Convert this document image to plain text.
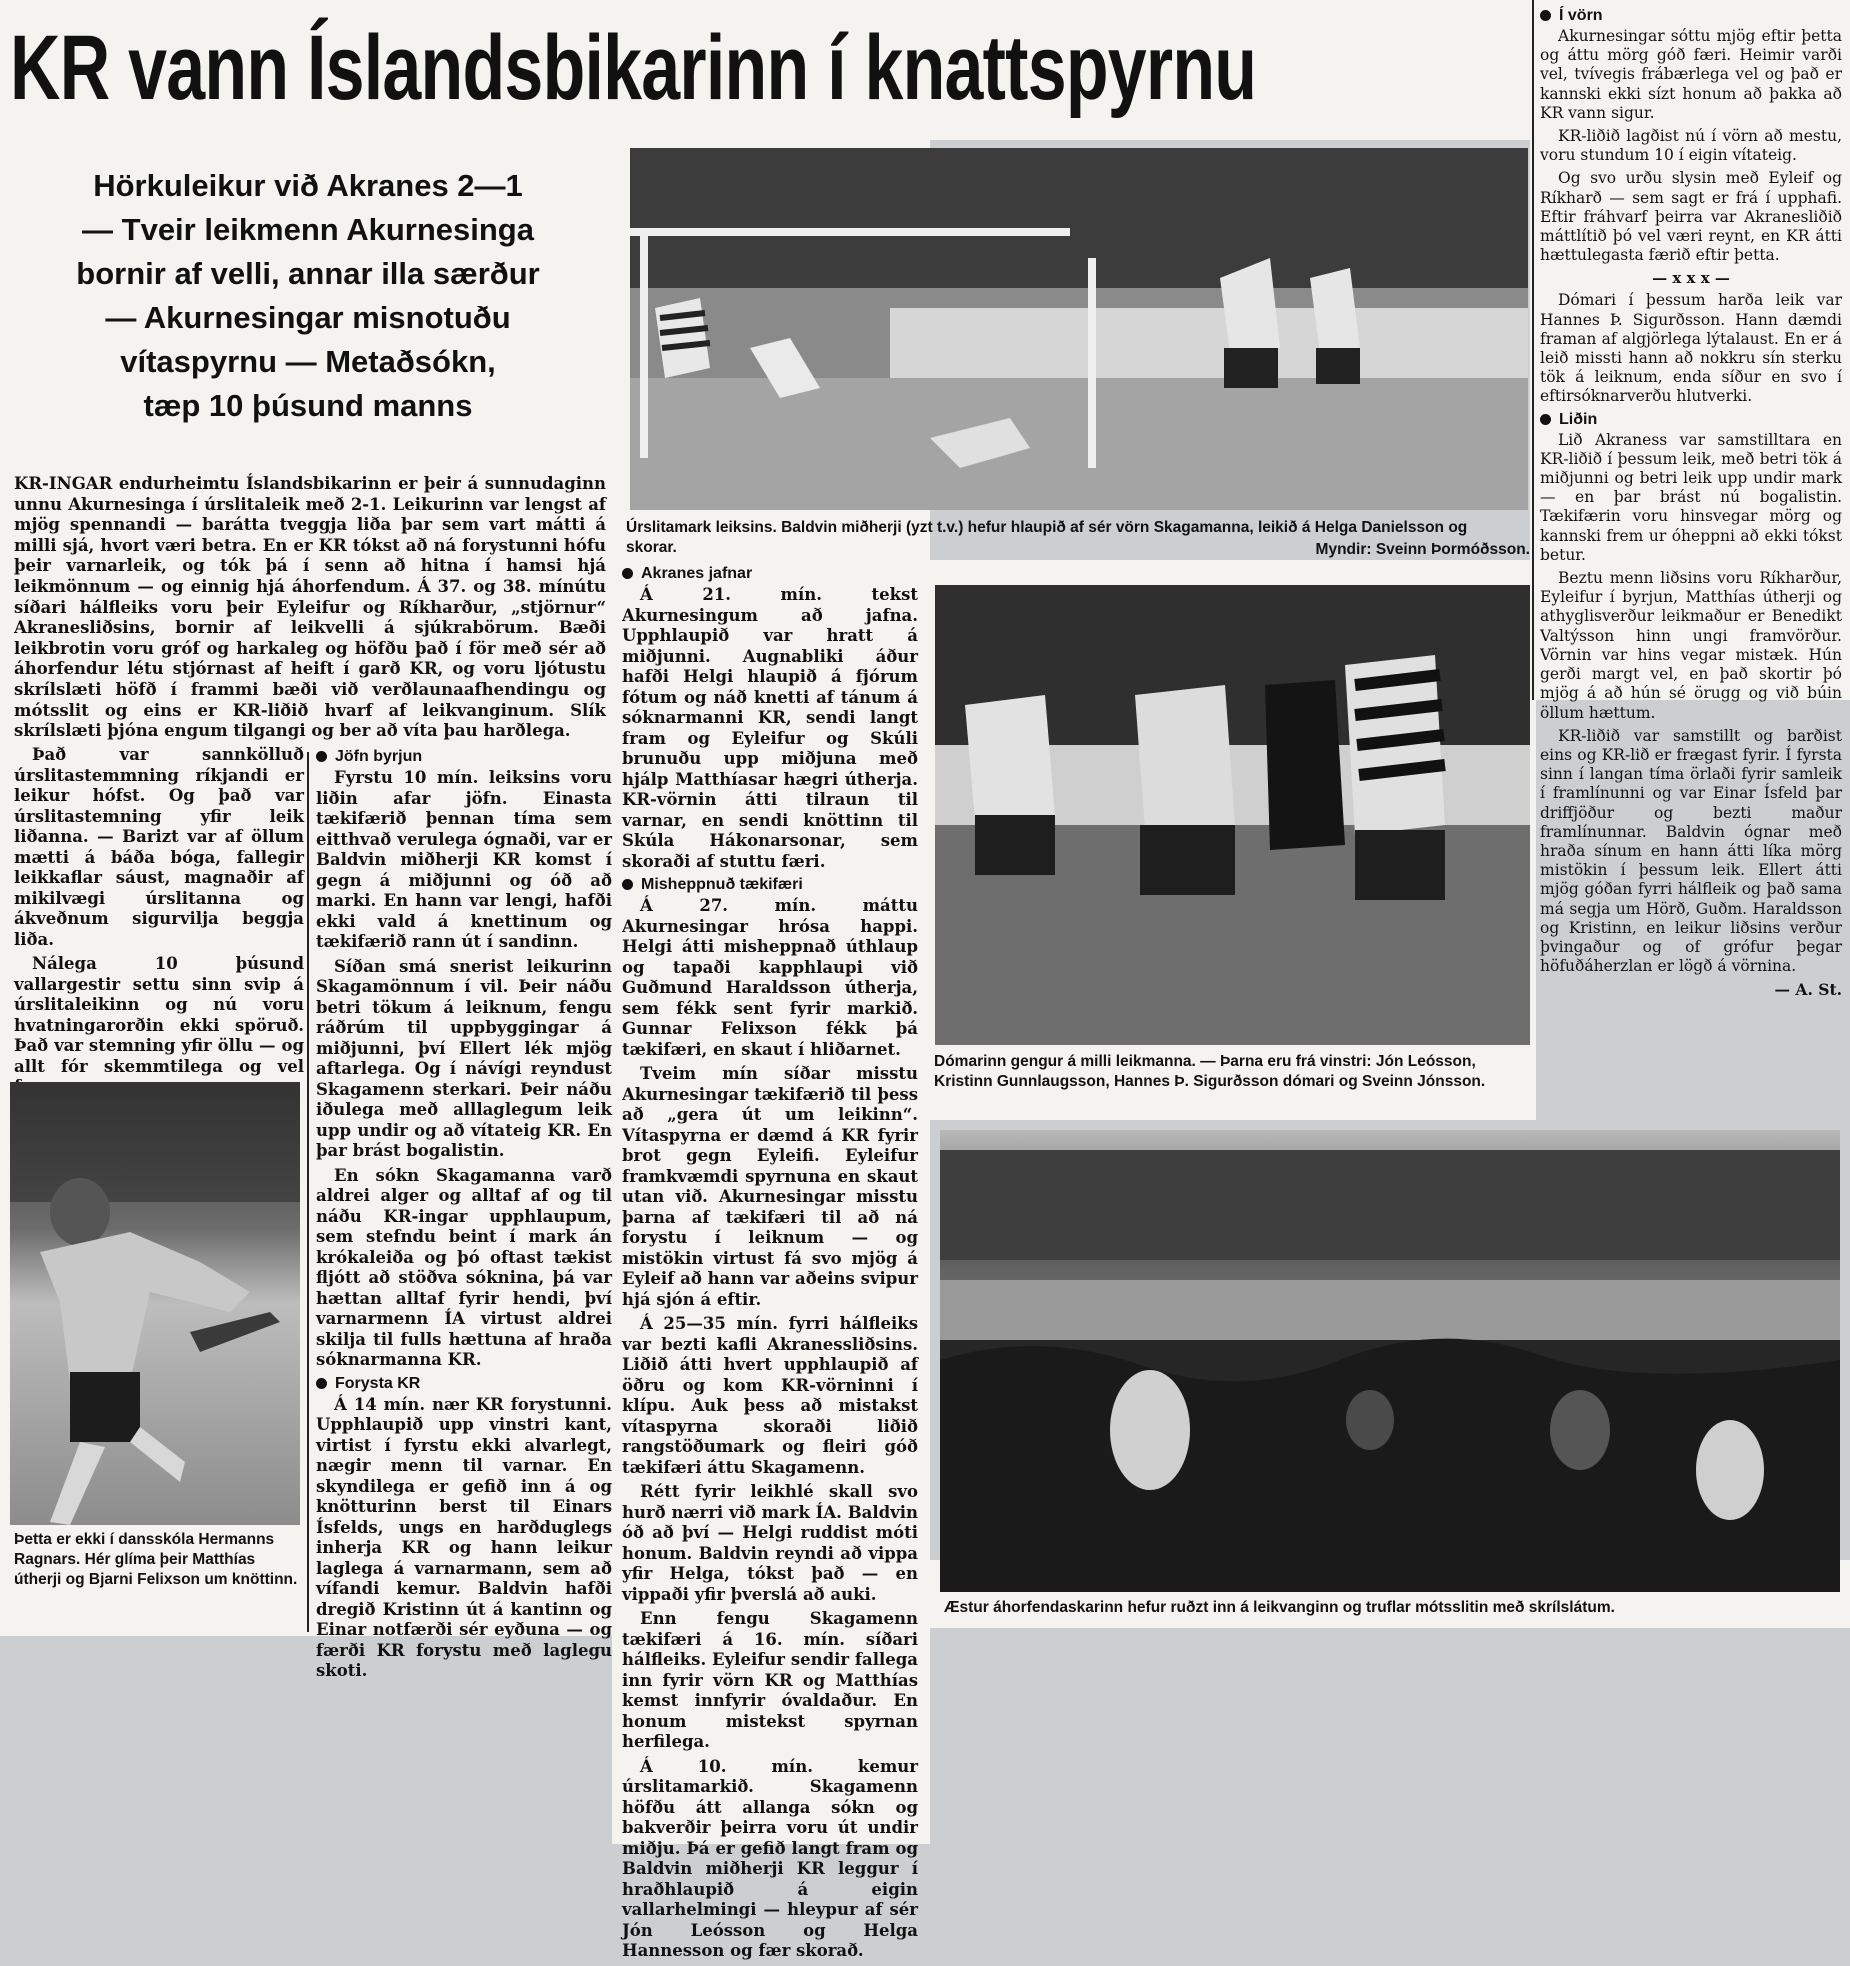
KR vann Íslandsbikarinn í knattspyrnu
Hörkuleikur við Akranes 2—1
— Tveir leikmenn Akurnesinga
bornir af velli, annar illa særður
— Akurnesingar misnotuðu
vítaspyrnu — Metaðsókn,
tæp 10 þúsund manns

KR-INGAR endurheimtu Íslandsbikarinn er þeir á sunnudaginn unnu Akurnesinga í úrslitaleik með 2-1. Leikurinn var lengst af mjög spennandi — barátta tveggja liða þar sem vart mátti á milli sjá, hvort væri betra. En er KR tókst að ná forystunni hófu þeir varnarleik, og tók þá í senn að hitna í hamsi hjá leikmönnum — og einnig hjá áhorfendum. Á 37. og 38. mínútu síðari hálfleiks voru þeir Eyleifur og Ríkharður, „stjörnur“ Akranesliðsins, bornir af leikvelli á sjúkrabörum. Bæði leikbrotin voru gróf og harkaleg og höfðu það í för með sér að áhorfendur létu stjórnast af heift í garð KR, og voru ljótustu skrílslæti höfð í frammi bæði við verðlaunaafhendingu og mótsslit og eins er KR-liðið hvarf af leikvanginum. Slík skrílslæti þjóna engum tilgangi og ber að víta þau harðlega.

Það var sannkölluð úrslitastemmning ríkjandi er leikur hófst. Og það var úrslitastemning yfir leik liðanna. — Barizt var af öllum mætti á báða bóga, fallegir leikkaflar sáust, magnaðir af mikilvægi úrslitanna og ákveðnum sigurvilja beggja liða.

Nálega 10 þúsund vallargestir settu sinn svip á úrslitaleikinn og nú voru hvatningarorðin ekki spöruð. Það var stemning yfir öllu — og allt fór skemmtilega og vel

Þetta er ekki í dansskóla Hermanns Ragnars. Hér glíma þeir Matthías útherji og Bjarni Felixson um knöttinn.

Jöfn byrjun

Fyrstu 10 mín. leiksins voru liðin afar jöfn. Einasta tækifærið þennan tíma sem eitthvað verulega ógnaði, var er Baldvin miðherji KR komst í gegn á miðjunni og óð að marki. En hann var lengi, hafði ekki vald á knettinum og tækifærið rann út í sandinn.

Síðan smá snerist leikurinn Skagamönnum í vil. Þeir náðu betri tökum á leiknum, fengu ráðrúm til uppbyggingar á miðjunni, því Ellert lék mjög aftarlega. Og í návígi reyndust Skagamenn sterkari. Þeir náðu iðulega með alllaglegum leik upp undir og að vítateig KR. En þar brást bogalistin.

En sókn Skagamanna varð aldrei alger og alltaf af og til náðu KR-ingar upphlaupum, sem stefndu beint í mark án krókaleiða og þó oftast tækist fljótt að stöðva sóknina, þá var hættan alltaf fyrir hendi, því varnarmenn ÍA virtust aldrei skilja til fulls hættuna af hraða sóknarmanna KR.

Forysta KR

Á 14 mín. nær KR forystunni. Upphlaupið upp vinstri kant, virtist í fyrstu ekki alvarlegt, nægir menn til varnar. En skyndilega er gefið inn á og knötturinn berst til Einars Ísfelds, ungs en harðduglegs inherja KR og hann leikur laglega á varnarmann, sem að vífandi kemur. Baldvin hafði dregið Kristinn út á kantinn og Einar notfærði sér eyðuna — og færði KR forystu með laglegu skoti.

Úrslitamark leiksins. Baldvin miðherji (yzt t.v.) hefur hlaupið af sér vörn Skagamanna, leikið á Helga Danielsson og skorar.	Myndir: Sveinn Þormóðsson.

Akranes jafnar

Á 21. mín. tekst Akurnesingum að jafna. Upphlaupið var hratt á miðjunni. Augnabliki áður hafði Helgi hlaupið á fjórum fótum og náð knetti af tánum á sóknarmanni KR, sendi langt fram og Eyleifur og Skúli brunuðu upp miðjuna með hjálp Matthíasar hægri útherja. KR-vörnin átti tilraun til varnar, en sendi knöttinn til Skúla Hákonarsonar, sem skoraði af stuttu færi.

Misheppnuð tækifæri

Á 27. mín. máttu Akurnesingar hrósa happi. Helgi átti misheppnað úthlaup og tapaði kapphlaupi við Guðmund Haraldsson útherja, sem fékk sent fyrir markið. Gunnar Felixson fékk þá tækifæri, en skaut í hliðarnet.

Tveim mín síðar misstu Akurnesingar tækifærið til þess að „gera út um leikinn“. Vítaspyrna er dæmd á KR fyrir brot gegn Eyleifi. Eyleifur framkvæmdi spyrnuna en skaut utan við. Akurnesingar misstu þarna af tækifæri til að ná forystu í leiknum — og mistökin virtust fá svo mjög á Eyleif að hann var aðeins svipur hjá sjón á eftir.

Á 25—35 mín. fyrri hálfleiks var bezti kafli Akranessliðsins. Liðið átti hvert upphlaupið af öðru og kom KR-vörninni í klípu. Auk þess að mistakst vítaspyrna skoraði liðið rangstöðumark og fleiri góð tækifæri áttu Skagamenn.

Rétt fyrir leikhlé skall svo hurð nærri við mark ÍA. Baldvin óð að því — Helgi ruddist móti honum. Baldvin reyndi að vippa yfir Helga, tókst það — en vippaði yfir þverslá að auki.

Enn fengu Skagamenn tækifæri á 16. mín. síðari hálfleiks. Eyleifur sendir fallega inn fyrir vörn KR og Matthías kemst innfyrir óvaldaður. En honum mistekst spyrnan herfilega.

Á 10. mín. kemur úrslitamarkið. Skagamenn höfðu átt allanga sókn og bakverðir þeirra voru út undir miðju. Þá er gefið langt fram og Baldvin miðherji KR leggur í hraðhlaupið á eigin vallarhelmingi — hleypur af sér Jón Leósson og Helga Hannesson og fær skorað.

Dómarinn gengur á milli leikmanna. — Þarna eru frá vinstri: Jón Leósson, Kristinn Gunnlaugsson, Hannes Þ. Sigurðsson dómari og Sveinn Jónsson.

Æstur áhorfendaskarinn hefur ruðzt inn á leikvanginn og truflar mótsslitin með skrílslátum.

Í vörn

Akurnesingar sóttu mjög eftir þetta og áttu mörg góð færi. Heimir varði vel, tvívegis frábærlega vel og það er kannski ekki sízt honum að þakka að KR vann sigur.

KR-liðið lagðist nú í vörn að mestu, voru stundum 10 í eigin vítateig.

Og svo urðu slysin með Eyleif og Ríkharð — sem sagt er frá í upphafi. Eftir fráhvarf þeirra var Akranesliðið máttlítið þó vel væri reynt, en KR átti hættulegasta færið eftir þetta.

— x x x —

Dómari í þessum harða leik var Hannes Þ. Sigurðsson. Hann dæmdi framan af algjörlega lýtalaust. En er á leið missti hann að nokkru sín sterku tök á leiknum, enda síður en svo í eftirsóknarverðu hlutverki.

Liðin

Lið Akraness var samstilltara en KR-liðið í þessum leik, með betri tök á miðjunni og betri leik upp undir mark — en þar brást nú bogalistin. Tækifærin voru hinsvegar mörg og kannski frem ur óheppni að ekki tókst betur.

Beztu menn liðsins voru Ríkharður, Eyleifur í byrjun, Matthías útherji og athyglisverður leikmaður er Benedikt Valtýsson hinn ungi framvörður. Vörnin var hins vegar mistæk. Hún gerði margt vel, en það skortir þó mjög á að hún sé örugg og við búin öllum hættum.

KR-liðið var samstillt og barðist eins og KR-lið er frægast fyrir. Í fyrsta sinn í langan tíma örlaði fyrir samleik í framlínunni og var Einar Ísfeld þar driffjöður og bezti maður framlínunnar. Baldvin ógnar með hraða sínum en hann átti líka mörg mistökin í þessum leik. Ellert átti mjög góðan fyrri hálfleik og það sama má segja um Hörð, Guðm. Haraldsson og Kristinn, en leikur liðsins verður þvingaður og of grófur þegar höfuðáherzlan er lögð á vörnina.

— A. St.
